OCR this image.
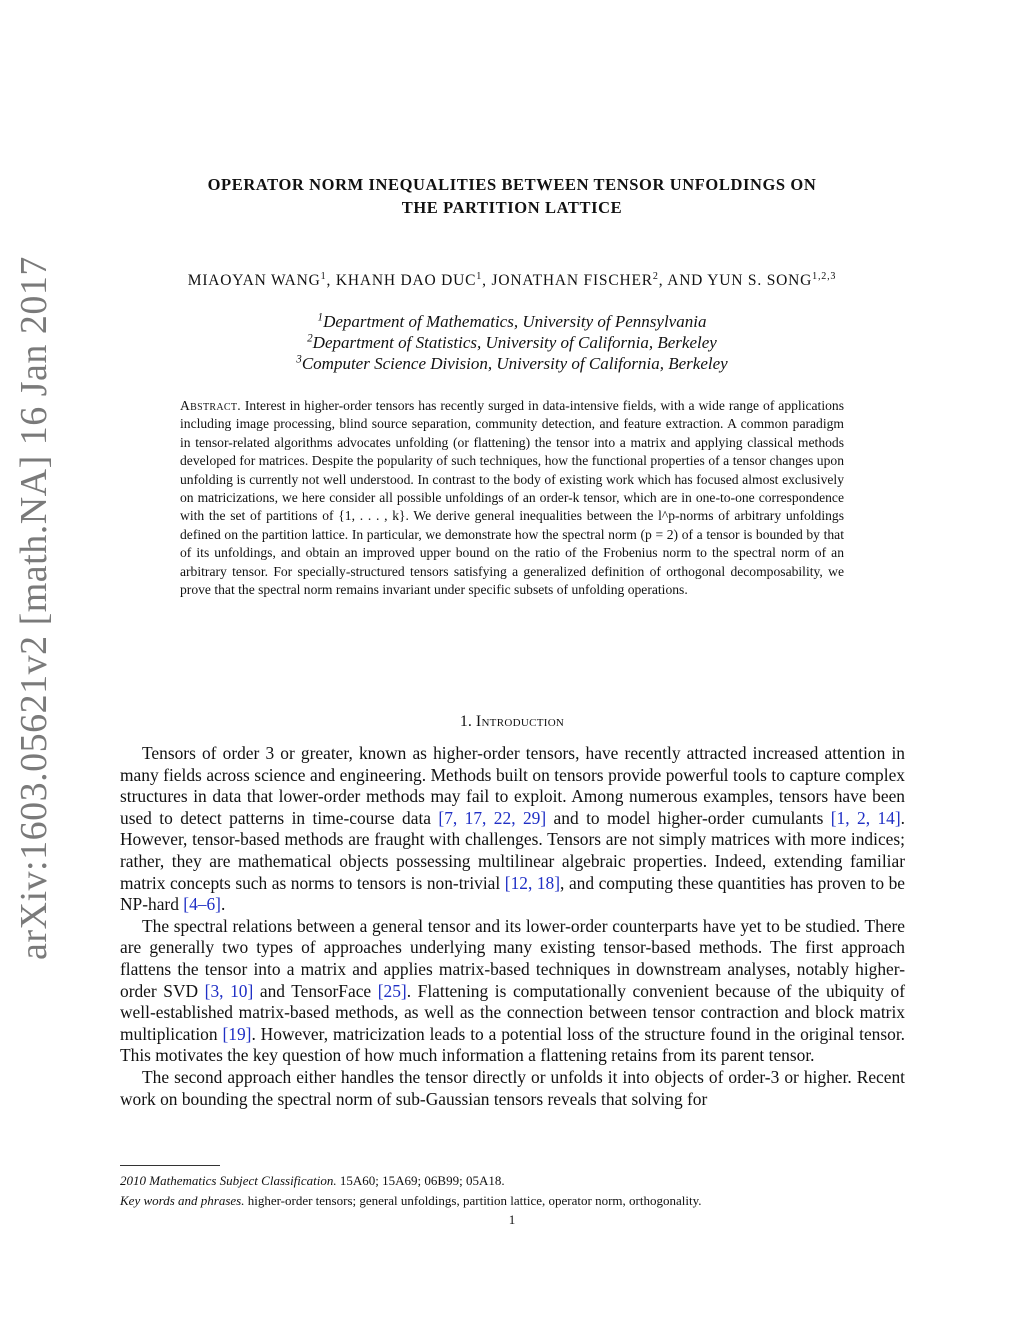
arXiv:1603.05621v2 [math.NA] 16 Jan 2017
OPERATOR NORM INEQUALITIES BETWEEN TENSOR UNFOLDINGS ON
THE PARTITION LATTICE
MIAOYAN WANG$^1$, KHANH DAO DUC$^1$, JONATHAN FISCHER$^2$, AND YUN S. SONG$^{1,2,3}$
$^1$Department of Mathematics, University of Pennsylvania
$^2$Department of Statistics, University of California, Berkeley
$^3$Computer Science Division, University of California, Berkeley
Abstract. Interest in higher-order tensors has recently surged in data-intensive fields, with a wide range of applications including image processing, blind source separation, community detection, and feature extraction. A common paradigm in tensor-related algorithms advocates unfolding (or flattening) the tensor into a matrix and applying classical methods developed for matrices. Despite the popularity of such techniques, how the functional properties of a tensor changes upon unfolding is currently not well understood. In contrast to the body of existing work which has focused almost exclusively on matricizations, we here consider all possible unfoldings of an order-k tensor, which are in one-to-one correspondence with the set of partitions of {1, . . . , k}. We derive general inequalities between the l^p-norms of arbitrary unfoldings defined on the partition lattice. In particular, we demonstrate how the spectral norm (p = 2) of a tensor is bounded by that of its unfoldings, and obtain an improved upper bound on the ratio of the Frobenius norm to the spectral norm of an arbitrary tensor. For specially-structured tensors satisfying a generalized definition of orthogonal decomposability, we prove that the spectral norm remains invariant under specific subsets of unfolding operations.
1. Introduction

Tensors of order 3 or greater, known as higher-order tensors, have recently attracted increased attention in many fields across science and engineering. Methods built on tensors provide powerful tools to capture complex structures in data that lower-order methods may fail to exploit. Among numerous examples, tensors have been used to detect patterns in time-course data [7, 17, 22, 29] and to model higher-order cumulants [1, 2, 14]. However, tensor-based methods are fraught with challenges. Tensors are not simply matrices with more indices; rather, they are mathematical objects possessing multilinear algebraic properties. Indeed, extending familiar matrix concepts such as norms to tensors is non-trivial [12, 18], and computing these quantities has proven to be NP-hard [4–6].

The spectral relations between a general tensor and its lower-order counterparts have yet to be studied. There are generally two types of approaches underlying many existing tensor-based methods. The first approach flattens the tensor into a matrix and applies matrix-based techniques in downstream analyses, notably higher-order SVD [3, 10] and TensorFace [25]. Flattening is computationally convenient because of the ubiquity of well-established matrix-based methods, as well as the connection between tensor contraction and block matrix multiplication [19]. However, matricization leads to a potential loss of the structure found in the original tensor. This motivates the key question of how much information a flattening retains from its parent tensor.

The second approach either handles the tensor directly or unfolds it into objects of order-3 or higher. Recent work on bounding the spectral norm of sub-Gaussian tensors reveals that solving for

2010 Mathematics Subject Classification. 15A60; 15A69; 06B99; 05A18.
Key words and phrases. higher-order tensors; general unfoldings, partition lattice, operator norm, orthogonality.
1
